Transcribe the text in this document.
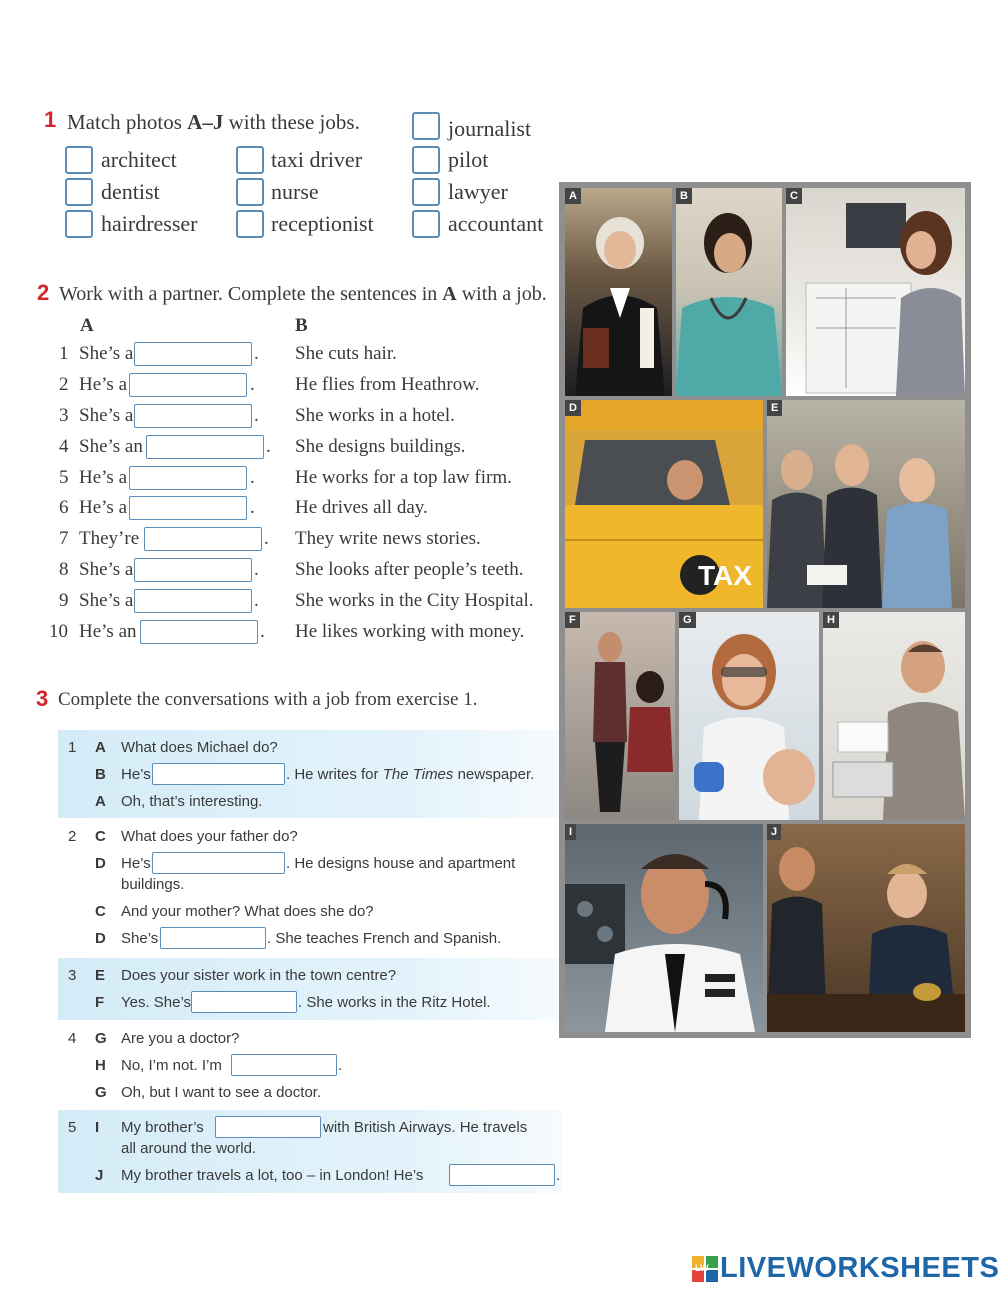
1 Match photos A–J with these jobs.
architect
dentist
hairdresser
taxi driver
nurse
receptionist
journalist
pilot
lawyer
accountant
2 Work with a partner. Complete the sentences in A with a job.
A	B
1 She’s a	. She cuts hair.
2 He’s a	. He flies from Heathrow.
3 She’s a	. She works in a hotel.
4 She’s an	. She designs buildings.
5 He’s a	. He works for a top law firm.
6 He’s a	. He drives all day.
7 They’re	. They write news stories.
8 She’s a	. She looks after people’s teeth.
9 She’s a	. She works in the City Hospital.
10 He’s an	. He likes working with money.
3 Complete the conversations with a job from exercise 1.
1 A What does Michael do?
B He’s	. He writes for The Times newspaper.
A Oh, that’s interesting.
2 C What does your father do?
D He’s	. He designs house and apartment
buildings.
C And your mother? What does she do?
D She’s	. She teaches French and Spanish.
3 E Does your sister work in the town centre?
F Yes. She’s	. She works in the Ritz Hotel.
4 G Are you a doctor?
H No, I’m not. I’m	.
G Oh, but I want to see a doctor.
5 I My brother’s	with British Airways. He travels
all around the world.
J My brother travels a lot, too – in London! He’s	.
A	B	C
TAX
D	E
F	G	H
I	J
LW LIVEWORKSHEETS
